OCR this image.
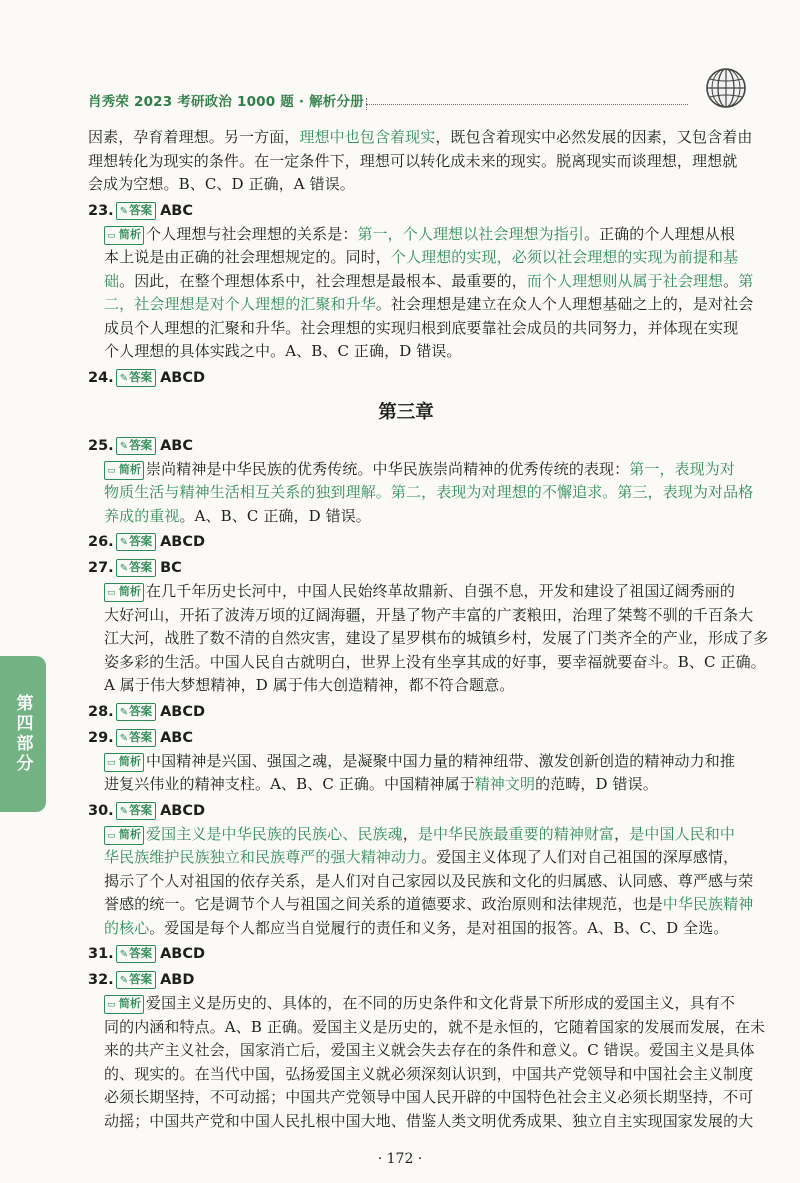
肖秀荣 2023 考研政治 1000 题 · 解析分册
第四部分
因素，孕育着理想。另一方面，理想中也包含着现实，既包含着现实中必然发展的因素，又包含着由
理想转化为现实的条件。在一定条件下，理想可以转化成未来的现实。脱离现实而谈理想，理想就
会成为空想。B、C、D 正确，A 错误。
23. ✎ 答案 ABC
▭ 简析 个人理想与社会理想的关系是：第一，个人理想以社会理想为指引。正确的个人理想从根
本上说是由正确的社会理想规定的。同时，个人理想的实现，必须以社会理想的实现为前提和基
础。因此，在整个理想体系中，社会理想是最根本、最重要的，而个人理想则从属于社会理想。第
二，社会理想是对个人理想的汇聚和升华。社会理想是建立在众人个人理想基础之上的，是对社会
成员个人理想的汇聚和升华。社会理想的实现归根到底要靠社会成员的共同努力，并体现在实现
个人理想的具体实践之中。A、B、C 正确，D 错误。
24. ✎ 答案 ABCD
第三章
25. ✎ 答案 ABC
▭ 简析 崇尚精神是中华民族的优秀传统。中华民族崇尚精神的优秀传统的表现：第一，表现为对
物质生活与精神生活相互关系的独到理解。第二，表现为对理想的不懈追求。第三，表现为对品格
养成的重视。A、B、C 正确，D 错误。
26. ✎ 答案 ABCD
27. ✎ 答案 BC
▭ 简析 在几千年历史长河中，中国人民始终革故鼎新、自强不息，开发和建设了祖国辽阔秀丽的
大好河山，开拓了波涛万顷的辽阔海疆，开垦了物产丰富的广袤粮田，治理了桀骜不驯的千百条大
江大河，战胜了数不清的自然灾害，建设了星罗棋布的城镇乡村，发展了门类齐全的产业，形成了多
姿多彩的生活。中国人民自古就明白，世界上没有坐享其成的好事，要幸福就要奋斗。B、C 正确。
A 属于伟大梦想精神，D 属于伟大创造精神，都不符合题意。
28. ✎ 答案 ABCD
29. ✎ 答案 ABC
▭ 简析 中国精神是兴国、强国之魂，是凝聚中国力量的精神纽带、激发创新创造的精神动力和推
进复兴伟业的精神支柱。A、B、C 正确。中国精神属于精神文明的范畴，D 错误。
30. ✎ 答案 ABCD
▭ 简析 爱国主义是中华民族的民族心、民族魂，是中华民族最重要的精神财富，是中国人民和中
华民族维护民族独立和民族尊严的强大精神动力。爱国主义体现了人们对自己祖国的深厚感情，
揭示了个人对祖国的依存关系，是人们对自己家园以及民族和文化的归属感、认同感、尊严感与荣
誉感的统一。它是调节个人与祖国之间关系的道德要求、政治原则和法律规范，也是中华民族精神
的核心。爱国是每个人都应当自觉履行的责任和义务，是对祖国的报答。A、B、C、D 全选。
31. ✎ 答案 ABCD
32. ✎ 答案 ABD
▭ 简析 爱国主义是历史的、具体的，在不同的历史条件和文化背景下所形成的爱国主义，具有不
同的内涵和特点。A、B 正确。爱国主义是历史的，就不是永恒的，它随着国家的发展而发展，在未
来的共产主义社会，国家消亡后，爱国主义就会失去存在的条件和意义。C 错误。爱国主义是具体
的、现实的。在当代中国，弘扬爱国主义就必须深刻认识到，中国共产党领导和中国社会主义制度
必须长期坚持，不可动摇；中国共产党领导中国人民开辟的中国特色社会主义必须长期坚持，不可
动摇；中国共产党和中国人民扎根中国大地、借鉴人类文明优秀成果、独立自主实现国家发展的大
· 172 ·
